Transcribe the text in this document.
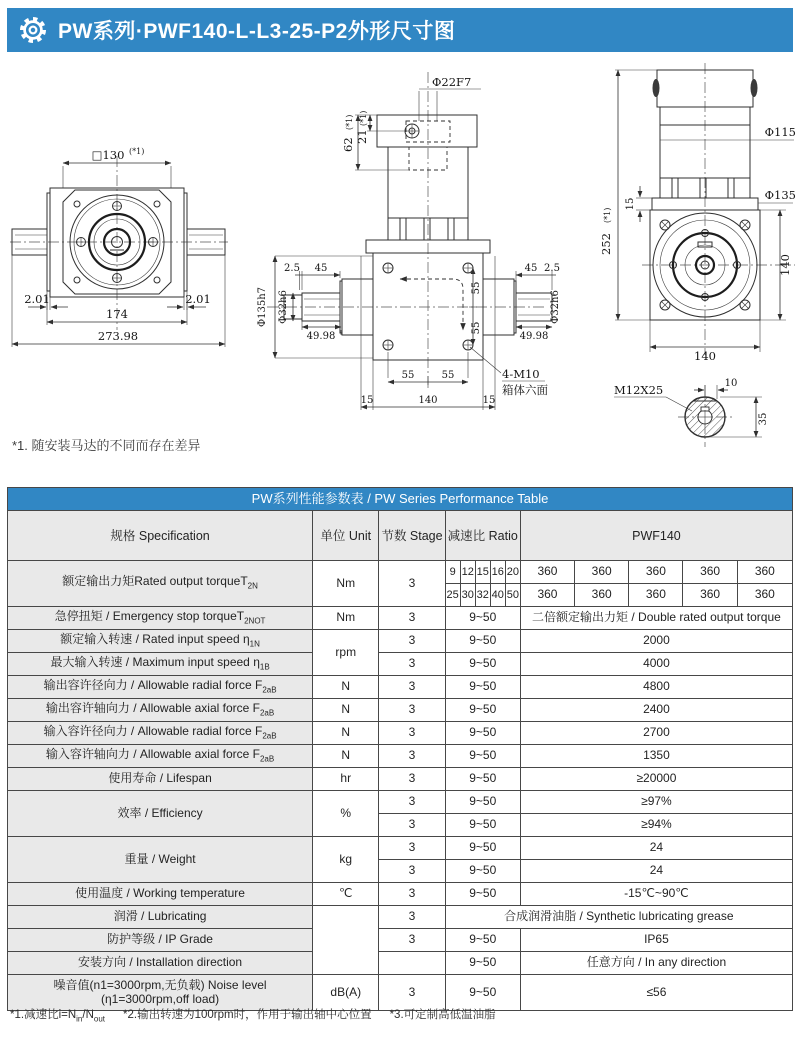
PW系列·PWF140-L-L3-25-P2外形尺寸图
□130 (*1)
2.01	2.01
174
273.98
Φ22F7
62
(*1)
21
(*1)
2.5 45	45 2.5
Φ135h7 Φ32h6
49.98	49.98
Φ32h6
55
55
55	55
15	140	15
4-M10
箱体六面
252
(*1)
Φ115
Φ135
15
140
140
M12X25	10
35
*1. 随安装马达的不同而存在差异
PW系列性能参数表 / PW Series Performance Table												
规格 Specification	单位 Unit	节数 Stage	减速比 Ratio					PWF140				
额定输出力矩Rated output torqueT$_{2N}$	Nm	3	9	12	15	16	20	360	360	360	360	360
			25	30	32	40	50	360	360	360	360	360
急停扭矩 / Emergency stop torqueT$_{2NOT}$	Nm	3	9~50					二倍额定输出力矩 / Double rated output torque				
额定输入转速 / Rated input speed $\eta_{1N}$	rpm	3	9~50					2000				
最大输入转速 / Maximum input speed $\eta_{1B}$		3	9~50					4000				
输出容许径向力 / Allowable radial force $F_{2aB}$	N	3	9~50					4800				
输出容许轴向力 / Allowable axial force $F_{2aB}$	N	3	9~50					2400				
输入容许径向力 / Allowable radial force $F_{2aB}$	N	3	9~50					2700				
输入容许轴向力 / Allowable axial force $F_{2aB}$	N	3	9~50					1350				
使用寿命 / Lifespan	hr	3	9~50					≥20000				
效率 / Efficiency	%	3	9~50					≥97%				
		3	9~50					≥94%				
重量 / Weight	kg	3	9~50					24				
		3	9~50					24				
使用温度 / Working temperature	℃	3	9~50					-15℃~90℃				
润滑 / Lubricating		3	合成润滑油脂 / Synthetic lubricating grease									
防护等级 / IP Grade		3	9~50					IP65				
安装方向 / Installation direction			9~50					任意方向 / In any direction				

噪音值(n1=3000rpm,无负载) Noise level
(η1=3000rpm,off load)	dB(A)	3	9~50					≤56				
*1.减速比$i=N_{in}/N_{out}$ *2.输出转速为100rpm时，作用于输出轴中心位置 *3.可定制高低温油脂
